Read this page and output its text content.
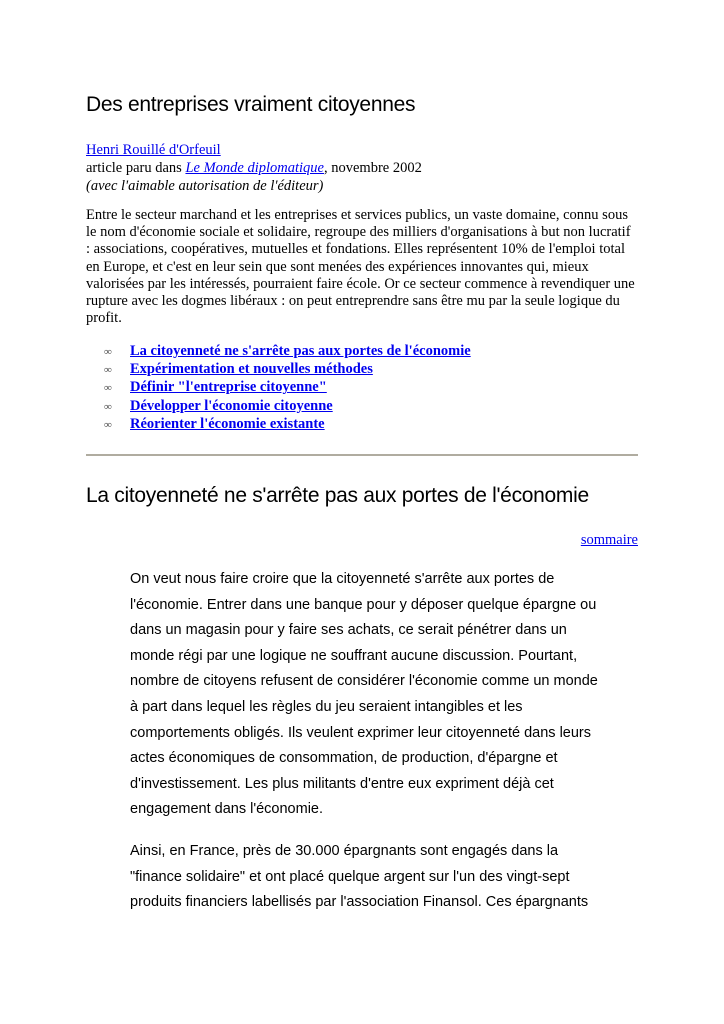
Des entreprises vraiment citoyennes
Henri Rouillé d'Orfeuil
article paru dans Le Monde diplomatique, novembre 2002
(avec l'aimable autorisation de l'éditeur)

Entre le secteur marchand et les entreprises et services publics, un vaste domaine, connu sous le nom d'économie sociale et solidaire, regroupe des milliers d'organisations à but non lucratif : associations, coopératives, mutuelles et fondations. Elles représentent 10% de l'emploi total en Europe, et c'est en leur sein que sont menées des expériences innovantes qui, mieux valorisées par les intéressés, pourraient faire école. Or ce secteur commence à revendiquer une rupture avec les dogmes libéraux : on peut entreprendre sans être mu par la seule logique du profit.

∞	La citoyenneté ne s'arrête pas aux portes de l'économie
∞	Expérimentation et nouvelles méthodes
∞	Définir "l'entreprise citoyenne"
∞	Développer l'économie citoyenne
∞	Réorienter l'économie existante
La citoyenneté ne s'arrête pas aux portes de l'économie
sommaire

On veut nous faire croire que la citoyenneté s'arrête aux portes de l'économie. Entrer dans une banque pour y déposer quelque épargne ou dans un magasin pour y faire ses achats, ce serait pénétrer dans un monde régi par une logique ne souffrant aucune discussion. Pourtant, nombre de citoyens refusent de considérer l'économie comme un monde à part dans lequel les règles du jeu seraient intangibles et les comportements obligés. Ils veulent exprimer leur citoyenneté dans leurs actes économiques de consommation, de production, d'épargne et d'investissement. Les plus militants d'entre eux expriment déjà cet engagement dans l'économie.

Ainsi, en France, près de 30.000 épargnants sont engagés dans la "finance solidaire" et ont placé quelque argent sur l'un des vingt-sept produits financiers labellisés par l'association Finansol. Ces épargnants
